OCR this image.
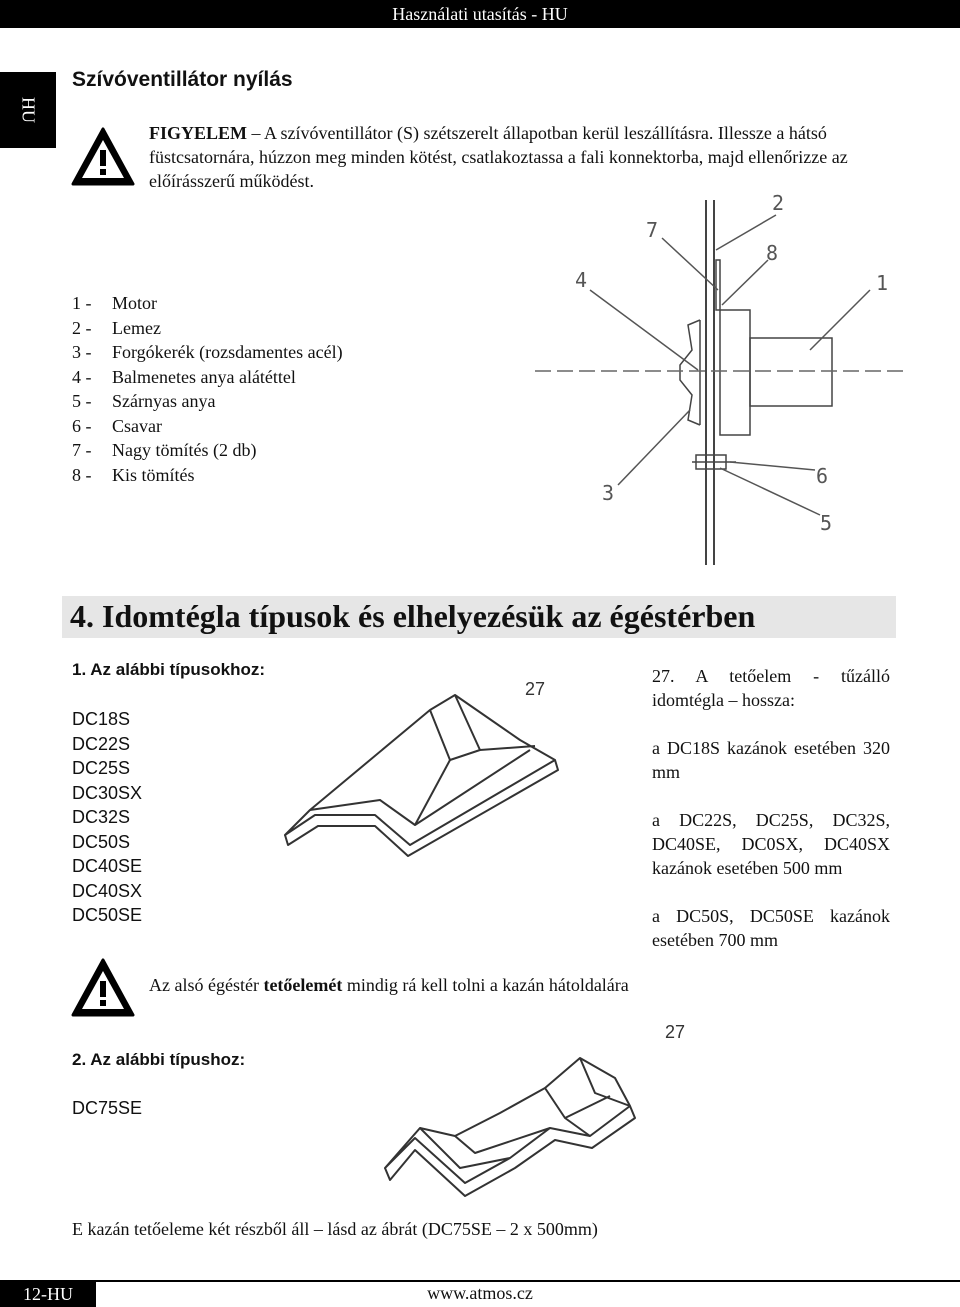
Használati utasítás - HU
HU
Szívóventillátor nyílás
FIGYELEM – A szívóventillátor (S) szétszerelt állapotban kerül leszállításra. Illessze a hátsó füstcsatornára, húzzon meg minden kötést, csatlakoztassa a fali konnektorba, majd ellenőrizze az előírásszerű működést.
1 -	Motor
2 -	Lemez
3 -	Forgókerék (rozsdamentes acél)
4 -	Balmenetes anya alátéttel
5 -	Szárnyas anya
6 -	Csavar
7 -	Nagy tömítés (2 db)
8 -	Kis tömítés
1
2
3
4
5
6
7
8
4. Idomtégla típusok és elhelyezésük az égéstérben
1. Az alábbi típusokhoz:
DC18S
DC22S
DC25S
DC30SX
DC32S
DC50S
DC40SE
DC40SX
DC50SE
27

27. A tetőelem - tűzálló idomtégla – hossza:

a DC18S kazánok esetében 320 mm

a DC22S, DC25S, DC32S, DC40SE, DC0SX, DC40SX kazánok esetében 500 mm

a DC50S, DC50SE kazánok esetében 700 mm

Az alsó égéstér tetőelemét mindig rá kell tolni a kazán hátoldalára
2. Az alábbi típushoz:
DC75SE
27
E kazán tetőeleme két részből áll – lásd az ábrát (DC75SE – 2 x 500mm)
www.atmos.cz
12-HU
